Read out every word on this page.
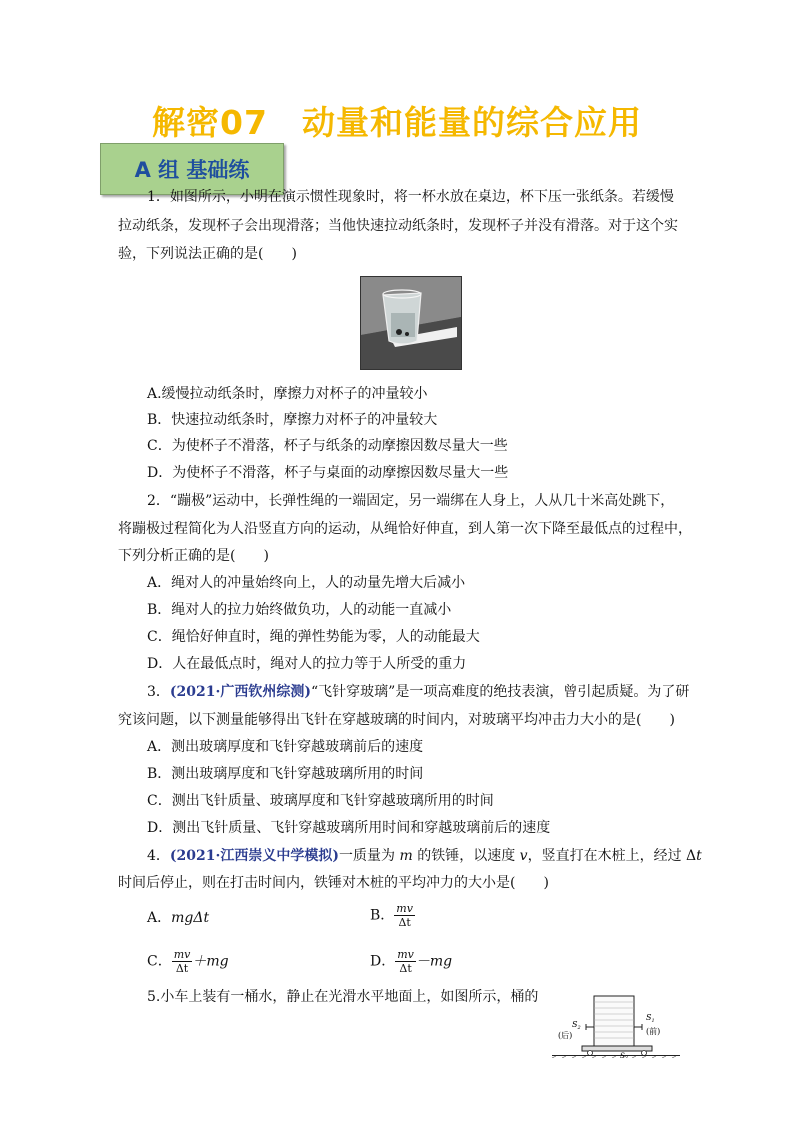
解密07　动量和能量的综合应用
A 组 基础练
1．如图所示，小明在演示惯性现象时，将一杯水放在桌边，杯下压一张纸条。若缓慢
拉动纸条，发现杯子会出现滑落；当他快速拉动纸条时，发现杯子并没有滑落。对于这个实
验，下列说法正确的是(　　)
A.缓慢拉动纸条时，摩擦力对杯子的冲量较小
B．快速拉动纸条时，摩擦力对杯子的冲量较大
C．为使杯子不滑落，杯子与纸条的动摩擦因数尽量大一些
D．为使杯子不滑落，杯子与桌面的动摩擦因数尽量大一些
2．“蹦极”运动中，长弹性绳的一端固定，另一端绑在人身上，人从几十米高处跳下，
将蹦极过程简化为人沿竖直方向的运动，从绳恰好伸直，到人第一次下降至最低点的过程中，
下列分析正确的是(　　)
A．绳对人的冲量始终向上，人的动量先增大后减小
B．绳对人的拉力始终做负功，人的动能一直减小
C．绳恰好伸直时，绳的弹性势能为零，人的动能最大
D．人在最低点时，绳对人的拉力等于人所受的重力
3．(2021·广西钦州综测)“飞针穿玻璃”是一项高难度的绝技表演，曾引起质疑。为了研
究该问题，以下测量能够得出飞针在穿越玻璃的时间内，对玻璃平均冲击力大小的是(　　)
A．测出玻璃厚度和飞针穿越玻璃前后的速度
B．测出玻璃厚度和飞针穿越玻璃所用的时间
C．测出飞针质量、玻璃厚度和飞针穿越玻璃所用的时间
D．测出飞针质量、飞针穿越玻璃所用时间和穿越玻璃前后的速度
4．(2021·江西崇义中学模拟)一质量为 m 的铁锤，以速度 v，竖直打在木桩上，经过 Δt
时间后停止，则在打击时间内，铁锤对木桩的平均冲力的大小是(　　)
A．mgΔt	B． $\frac{mv}{\Delta t}$
C． $\frac{mv}{\Delta t} +mg$	D． $\frac{mv}{\Delta t} -mg$
5.小车上装有一桶水，静止在光滑水平地面上，如图所示，桶的
$S_2$
(后)
$S_1$
(前)
S3
